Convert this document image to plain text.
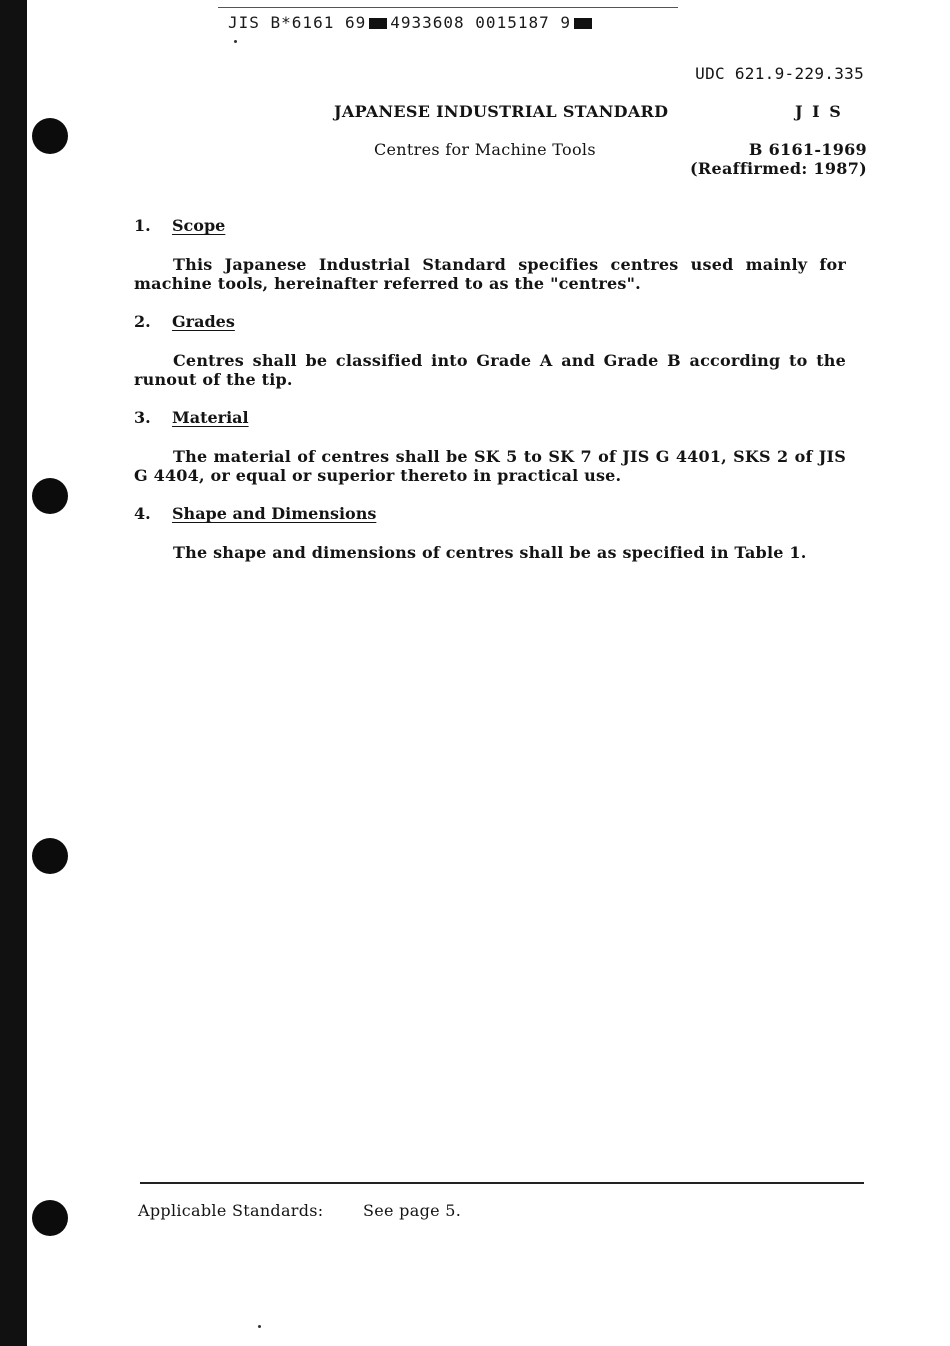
JIS B*6161 69 4933608 0015187 9
UDC 621.9-229.335
JAPANESE INDUSTRIAL STANDARD	J I S
Centres for Machine Tools	B 6161-1969
(Reaffirmed: 1987)
1. Scope
This Japanese Industrial Standard specifies centres used mainly for machine tools, hereinafter referred to as the "centres".
2. Grades
Centres shall be classified into Grade A and Grade B according to the runout of the tip.
3. Material
The material of centres shall be SK 5 to SK 7 of JIS G 4401, SKS 2 of JIS G 4404, or equal or superior thereto in practical use.
4. Shape and Dimensions
The shape and dimensions of centres shall be as specified in Table 1.
Applicable Standards: See page 5.
